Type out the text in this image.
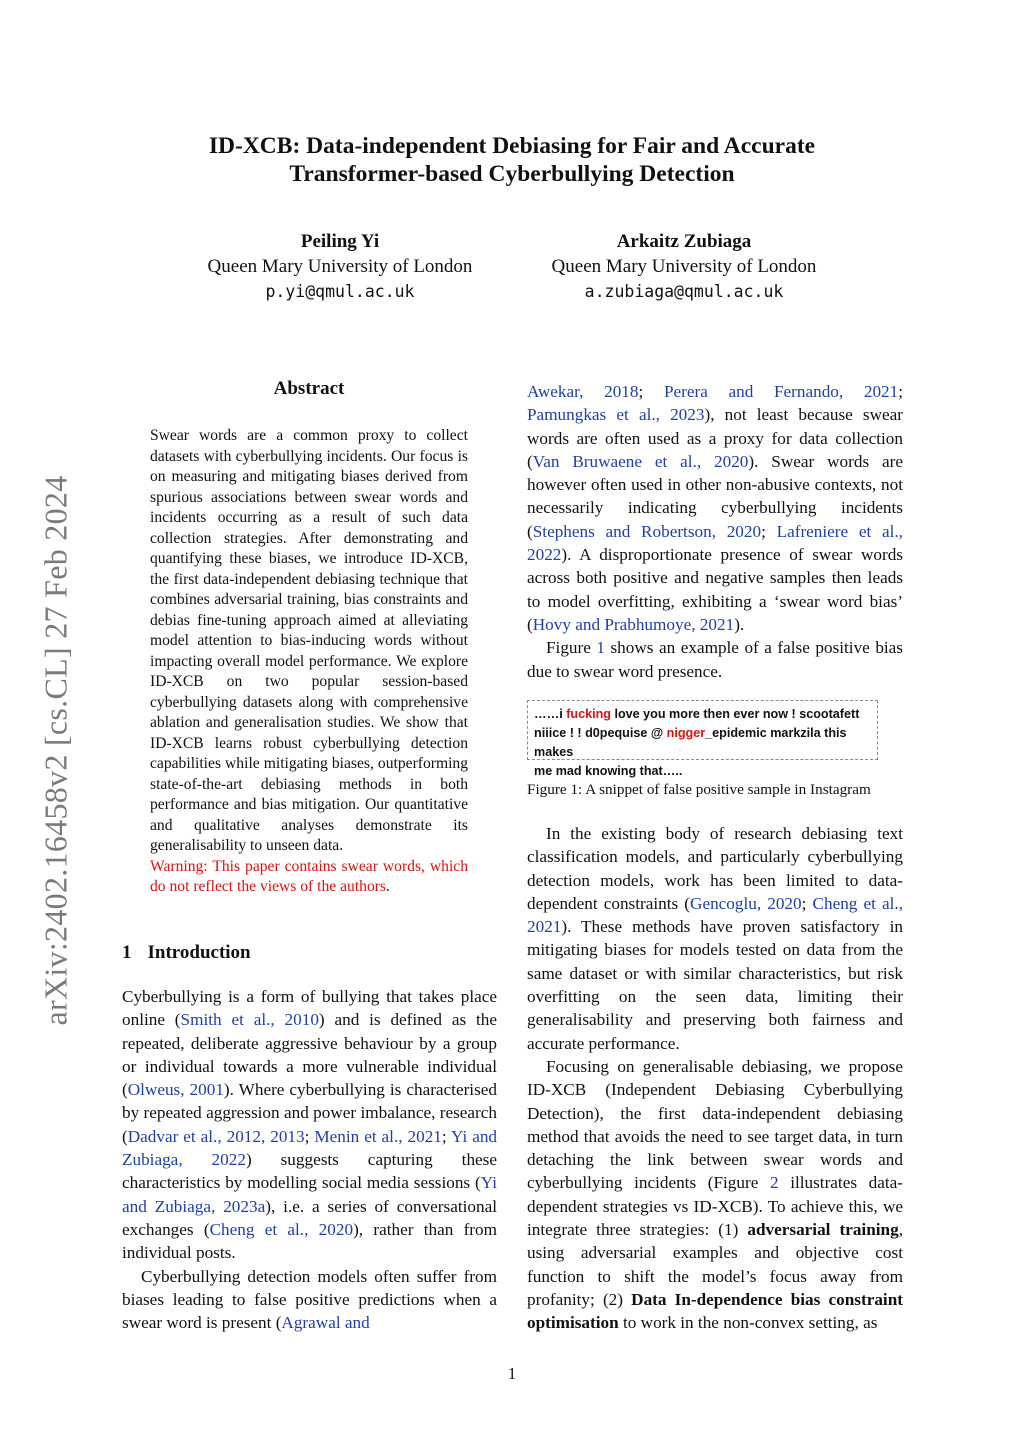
arXiv:2402.16458v2 [cs.CL] 27 Feb 2024
ID-XCB: Data-independent Debiasing for Fair and Accurate
Transformer-based Cyberbullying Detection
Peiling Yi
Queen Mary University of London
p.yi@qmul.ac.uk
Arkaitz Zubiaga
Queen Mary University of London
a.zubiaga@qmul.ac.uk
Abstract

Swear words are a common proxy to collect datasets with cyberbullying incidents. Our focus is on measuring and mitigating biases derived from spurious associations between swear words and incidents occurring as a result of such data collection strategies. After demonstrating and quantifying these biases, we introduce ID-XCB, the first data-independent debiasing technique that combines adversarial training, bias constraints and debias fine-tuning approach aimed at alleviating model attention to bias-inducing words without impacting overall model performance. We explore ID-XCB on two popular session-based cyberbullying datasets along with comprehensive ablation and generalisation studies. We show that ID-XCB learns robust cyberbullying detection capabilities while mitigating biases, outperforming state-of-the-art debiasing methods in both performance and bias mitigation. Our quantitative and qualitative analyses demonstrate its generalisability to unseen data.

Warning: This paper contains swear words, which do not reflect the views of the authors.

1 Introduction

Cyberbullying is a form of bullying that takes place online (Smith et al., 2010) and is defined as the repeated, deliberate aggressive behaviour by a group or individual towards a more vulnerable individual (Olweus, 2001). Where cyberbullying is characterised by repeated aggression and power imbalance, research (Dadvar et al., 2012, 2013; Menin et al., 2021; Yi and Zubiaga, 2022) suggests capturing these characteristics by modelling social media sessions (Yi and Zubiaga, 2023a), i.e. a series of conversational exchanges (Cheng et al., 2020), rather than from individual posts.

Cyberbullying detection models often suffer from biases leading to false positive predictions when a swear word is present (Agrawal and

Awekar, 2018; Perera and Fernando, 2021; Pamungkas et al., 2023), not least because swear words are often used as a proxy for data collection (Van Bruwaene et al., 2020). Swear words are however often used in other non-abusive contexts, not necessarily indicating cyberbullying incidents (Stephens and Robertson, 2020; Lafreniere et al., 2022). A disproportionate presence of swear words across both positive and negative samples then leads to model overfitting, exhibiting a ‘swear word bias’ (Hovy and Prabhumoye, 2021).

Figure 1 shows an example of a false positive bias due to swear word presence.

……i fucking love you more then ever now ! scootafett
niiice ! ! d0pequise @ nigger_epidemic markzila this makes
me mad knowing that…..
Figure 1: A snippet of false positive sample in Instagram

In the existing body of research debiasing text classification models, and particularly cyberbullying detection models, work has been limited to data-dependent constraints (Gencoglu, 2020; Cheng et al., 2021). These methods have proven satisfactory in mitigating biases for models tested on data from the same dataset or with similar characteristics, but risk overfitting on the seen data, limiting their generalisability and preserving both fairness and accurate performance.

Focusing on generalisable debiasing, we propose ID-XCB (Independent Debiasing Cyberbullying Detection), the first data-independent debiasing method that avoids the need to see target data, in turn detaching the link between swear words and cyberbullying incidents (Figure 2 illustrates data-dependent strategies vs ID-XCB). To achieve this, we integrate three strategies: (1) adversarial training, using adversarial examples and objective cost function to shift the model’s focus away from profanity; (2) Data In-dependence bias constraint optimisation to work in the non-convex setting, as

1
